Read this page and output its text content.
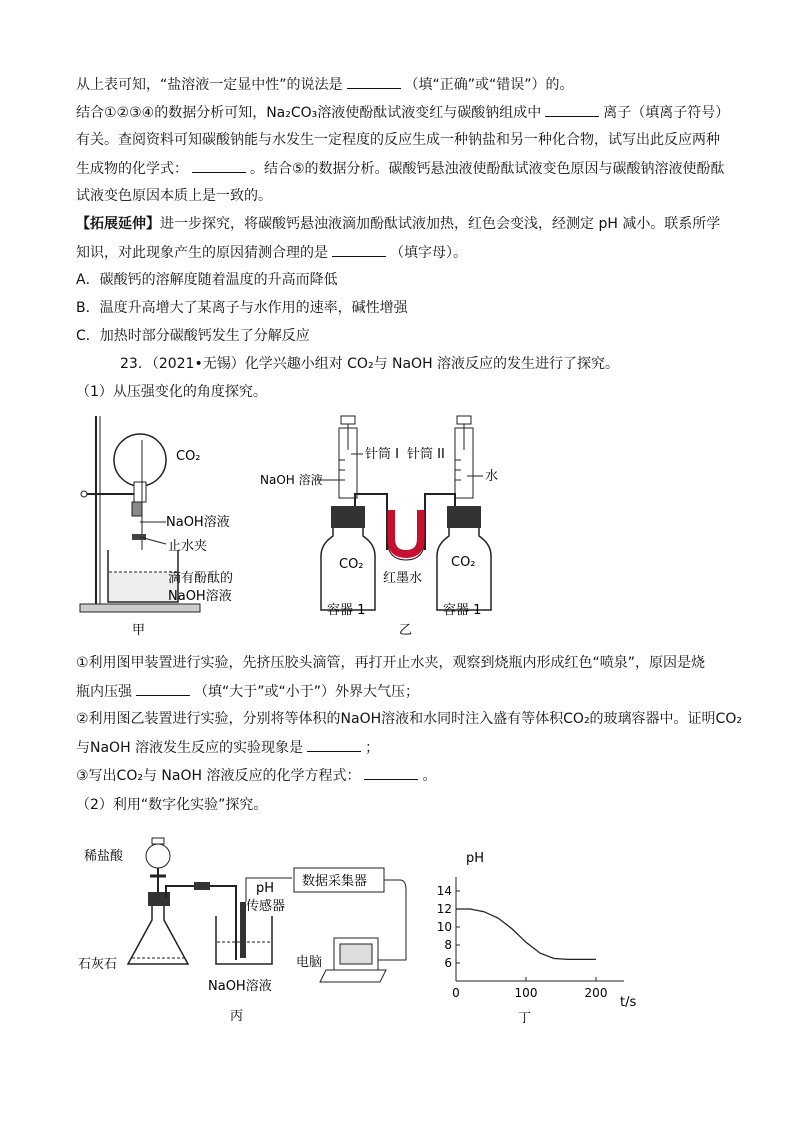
从上表可知，“盐溶液一定显中性”的说法是	（填“正确”或“错误”）的。
结合①②③④的数据分析可知，Na₂CO₃溶液使酚酞试液变红与碳酸钠组成中	离子（填离子符号）
有关。查阅资料可知碳酸钠能与水发生一定程度的反应生成一种钠盐和另一种化合物，试写出此反应两种
生成物的化学式：	。结合⑤的数据分析。碳酸钙悬浊液使酚酞试液变色原因与碳酸钠溶液使酚酞
试液变色原因本质上是一致的。
【拓展延伸】进一步探究，将碳酸钙悬浊液滴加酚酞试液加热，红色会变浅，经测定 pH 减小。联系所学
知识，对此现象产生的原因猜测合理的是	（填字母）。
A．碳酸钙的溶解度随着温度的升高而降低
B．温度升高增大了某离子与水作用的速率，碱性增强
C．加热时部分碳酸钙发生了分解反应
23．（2021•无锡）化学兴趣小组对 CO₂与 NaOH 溶液反应的发生进行了探究。
（1）从压强变化的角度探究。
CO₂
NaOH溶液
止水夹
滴有酚酞的
NaOH溶液
甲
NaOH 溶液
针筒 I 针筒 II
水
CO₂	CO₂
红墨水
容器 1	容器 1
乙
①利用图甲装置进行实验，先挤压胶头滴管，再打开止水夹，观察到烧瓶内形成红色“喷泉”，原因是烧
瓶内压强	（填“大于”或“小于”）外界大气压；
②利用图乙装置进行实验，分别将等体积的NaOH溶液和水同时注入盛有等体积CO₂的玻璃容器中。证明CO₂
与NaOH 溶液发生反应的实验现象是	；
③写出CO₂与 NaOH 溶液反应的化学方程式：	。
（2）利用“数字化实验”探究。
稀盐酸
石灰石
pH
传感器
数据采集器
电脑
NaOH溶液
丙
pH
t/s
丁
6
8
10
12
14
0	100	200
